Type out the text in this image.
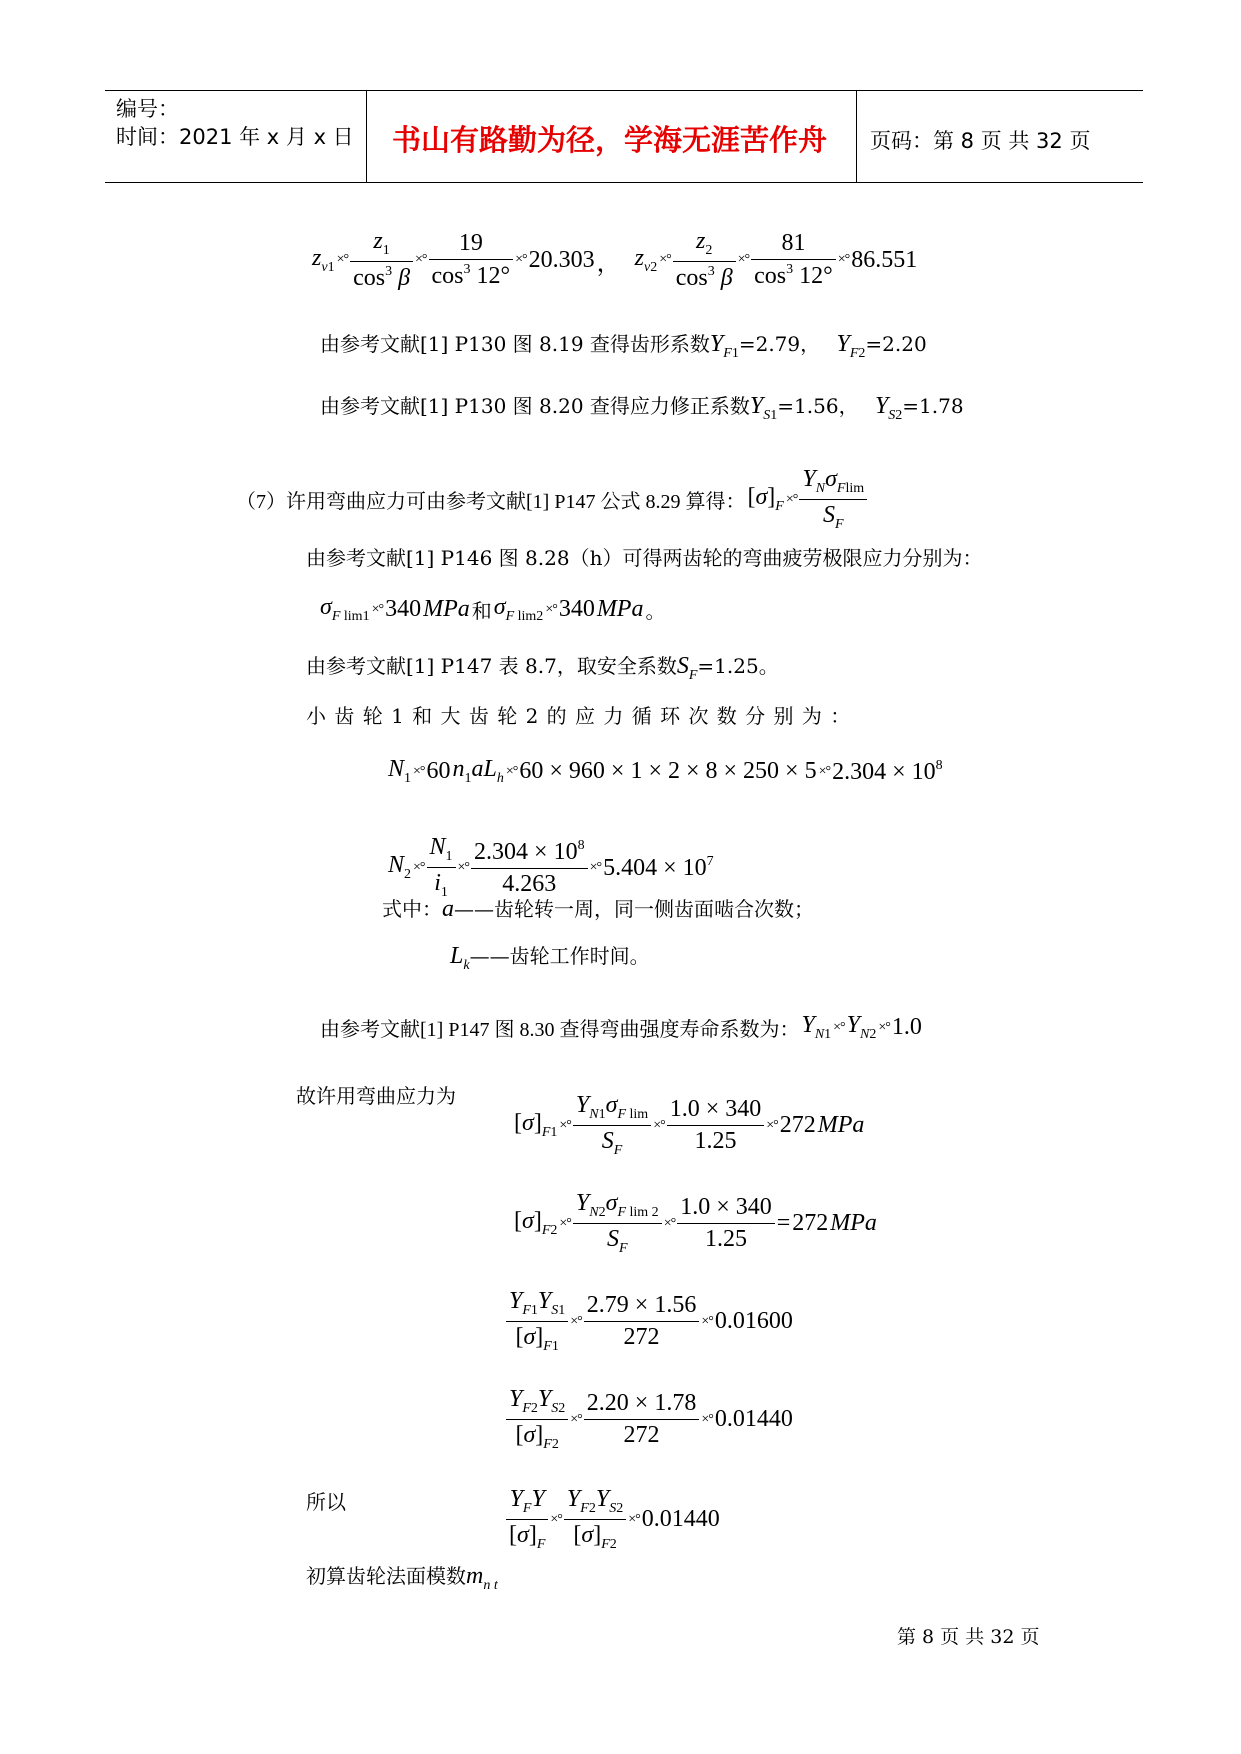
编号：
时间：2021 年 x 月 x 日 书山有路勤为径，学海无涯苦作舟 页码：第 8 页 共 32 页
$z_{v1}$ ×° $\frac{z_1}{\cos^3 \beta}$ ×° $\frac{19}{\cos^3 12^\circ}$ ×° 20.303 ， $z_{v2}$ ×° $\frac{z_2}{\cos^3 \beta}$ ×° $\frac{81}{\cos^3 12^\circ}$ ×° 86.551
由参考文献[1] P130 图 8.19 查得齿形系数$Y_{F1}=2.79$， $Y_{F2}=2.20$
由参考文献[1] P130 图 8.20 查得应力修正系数$Y_{S1}=1.56$， $Y_{S2}=1.78$
（7）许用弯曲应力可由参考文献[1] P147 公式 8.29 算得： $[\sigma]_F$ ×° $\frac{Y_N\sigma_{Flim}}{S_F}$
由参考文献[1] P146 图 8.28（h）可得两齿轮的弯曲疲劳极限应力分别为：
$\sigma_F$ $_{lim1}$ ×° 340 MPa 和 $\sigma_F$ $_{lim2}$ ×° 340 MPa 。
由参考文献[1] P147 表 8.7，取安全系数$S_F=1.25$。
小 齿 轮 1 和 大 齿 轮 2 的 应 力 循 环 次 数 分 别 为 ：
$N_1$ ×° 60 $n_1aL_h$ ×° 60 × 960 × 1 × 2 × 8 × 250 × 5 ×° $2.304 \times 10^8$
$N_2$ ×° $\frac{N_1}{i_1}$ ×° $\frac{2.304 \times 10^8}{4.263}$ ×° $5.404 \times 10^7$
式中：a——齿轮转一周，同一侧齿面啮合次数；
$L_k——$齿轮工作时间。
由参考文献[1] P147 图 8.30 查得弯曲强度寿命系数为： $Y_{N1}$ ×° $Y_{N2}$ ×° 1.0
故许用弯曲应力为
$[\sigma]_{F1}$ ×° $\frac{Y_{N1}\sigma_F _{lim}}{S_F}$ ×° $\frac{1.0 \times 340}{1.25}$ ×° 272 MPa
$[\sigma]_{F2}$ ×° $\frac{Y_{N2}\sigma_F _{lim 2}}{S_F}$ ×° $\frac{1.0 \times 340}{1.25} = 272$ MPa
$\frac{Y_{F1}Y_{S1}}{[\sigma]_{F1}}$ ×° $\frac{2.79 \times 1.56}{272}$ ×° 0.01600
$\frac{Y_{F2}Y_{S2}}{[\sigma]_{F2}}$ ×° $\frac{2.20 \times 1.78}{272}$ ×° 0.01440
所以	$\frac{Y_FY}{[\sigma]_F}$ ×° $\frac{Y_{F2}Y_{S2}}{[\sigma]_{F2}}$ ×° 0.01440
初算齿轮法面模数$m_{n t}$
第 8 页 共 32 页
